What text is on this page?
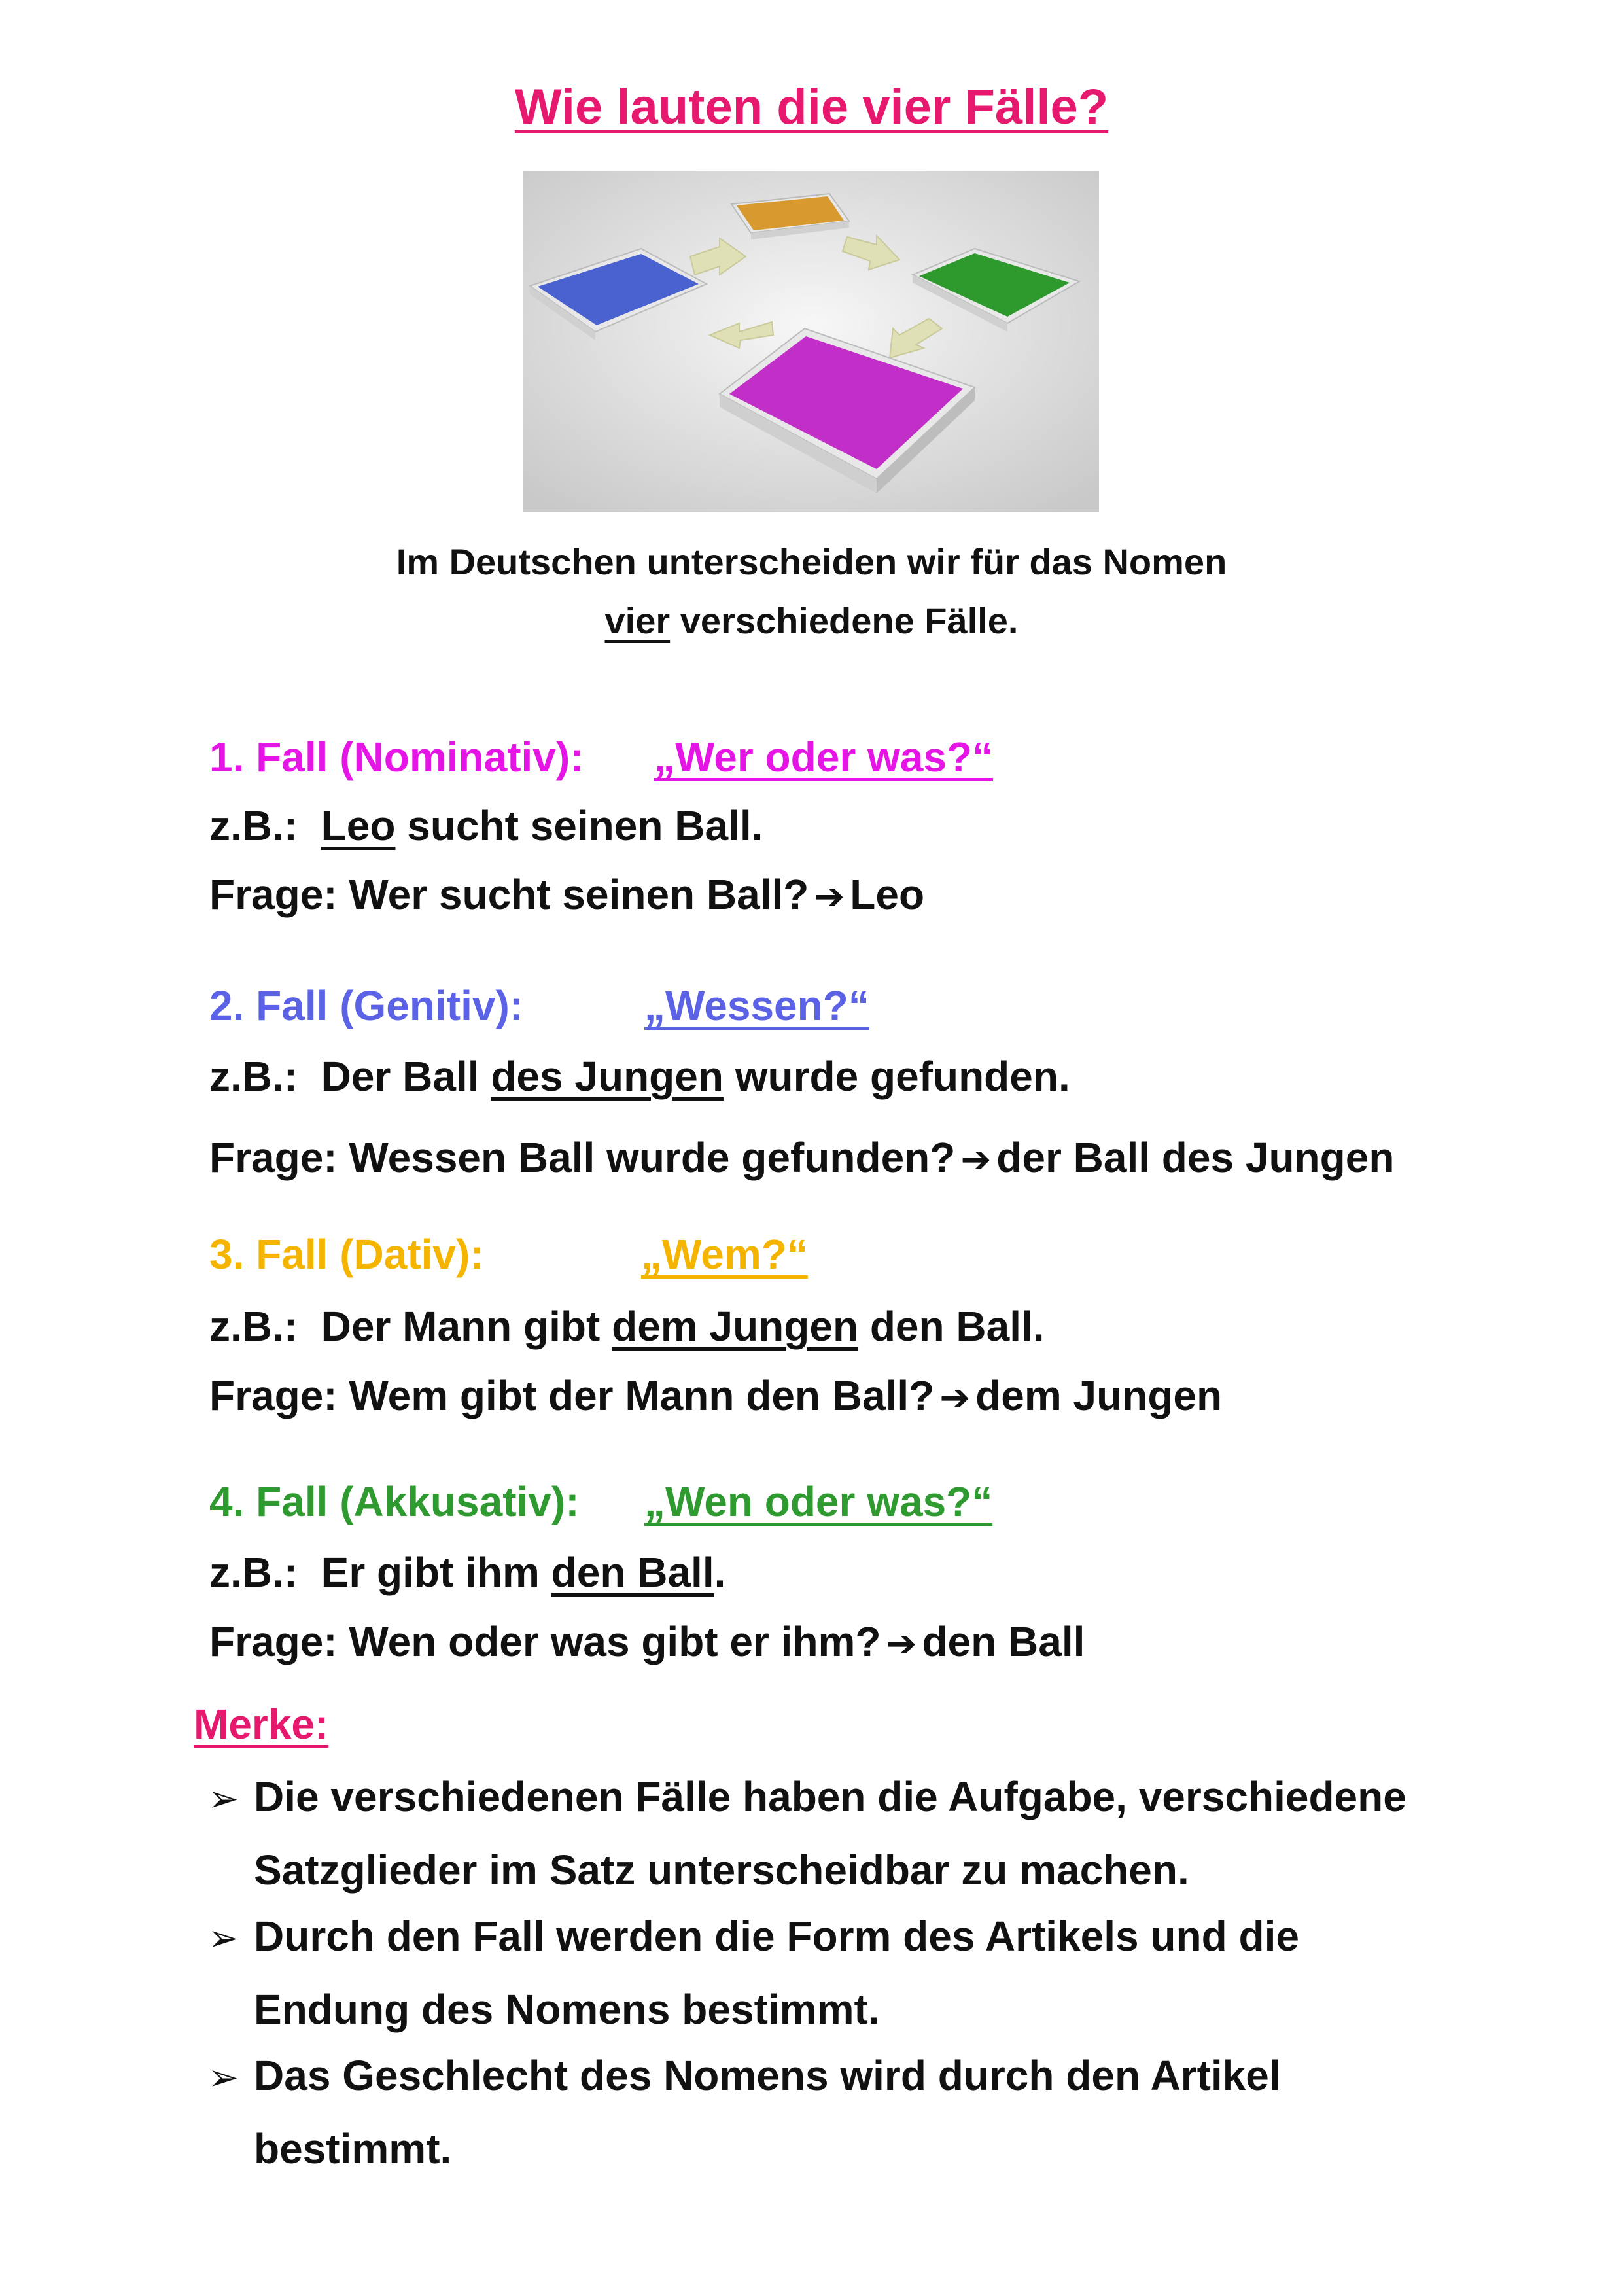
Wie lauten die vier Fälle?
Im Deutschen unterscheiden wir für das Nomen
vier verschiedene Fälle.
1. Fall (Nominativ): „Wer oder was?“
z.B.:  Leo sucht seinen Ball.
Frage: Wer sucht seinen Ball? ➔ Leo
2. Fall (Genitiv):	„Wessen?“
z.B.:  Der Ball des Jungen wurde gefunden.
Frage: Wessen Ball wurde gefunden? ➔ der Ball des Jungen
3. Fall (Dativ):	„Wem?“
z.B.:  Der Mann gibt dem Jungen den Ball.
Frage: Wem gibt der Mann den Ball? ➔ dem Jungen
4. Fall (Akkusativ): „Wen oder was?“
z.B.:  Er gibt ihm den Ball.
Frage: Wen oder was gibt er ihm? ➔ den Ball
Merke:
➢ Die verschiedenen Fälle haben die Aufgabe, verschiedene
Satzglieder im Satz unterscheidbar zu machen.
➢ Durch den Fall werden die Form des Artikels und die
Endung des Nomens bestimmt.
➢ Das Geschlecht des Nomens wird durch den Artikel
bestimmt.
